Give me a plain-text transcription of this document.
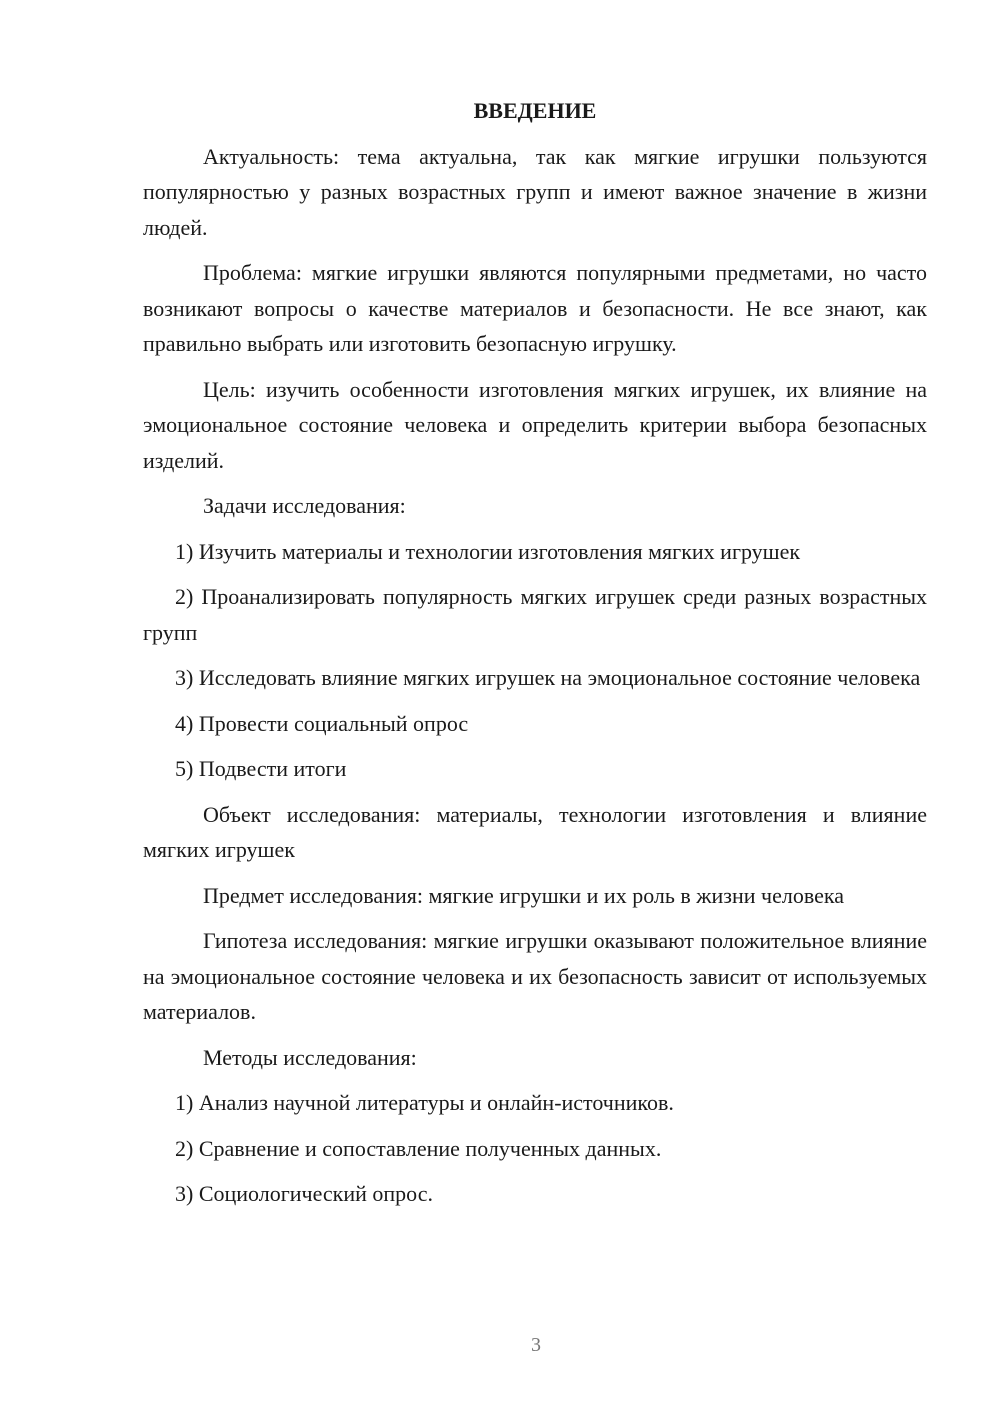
ВВЕДЕНИЕ

Актуальность: тема актуальна, так как мягкие игрушки пользуются популярностью у разных возрастных групп и имеют важное значение в жизни людей.

Проблема: мягкие игрушки являются популярными предметами, но часто возникают вопросы о качестве материалов и безопасности. Не все знают, как правильно выбрать или изготовить безопасную игрушку.

Цель: изучить особенности изготовления мягких игрушек, их влияние на эмоциональное состояние человека и определить критерии выбора безопасных изделий.

Задачи исследования:

1) Изучить материалы и технологии изготовления мягких игрушек

2) Проанализировать популярность мягких игрушек среди разных возрастных групп

3) Исследовать влияние мягких игрушек на эмоциональное состояние человека

4) Провести социальный опрос

5) Подвести итоги

Объект исследования: материалы, технологии изготовления и влияние мягких игрушек

Предмет исследования: мягкие игрушки и их роль в жизни человека

Гипотеза исследования: мягкие игрушки оказывают положительное влияние на эмоциональное состояние человека и их безопасность зависит от используемых материалов.

Методы исследования:

1) Анализ научной литературы и онлайн-источников.

2) Сравнение и сопоставление полученных данных.

3) Социологический опрос.

3
